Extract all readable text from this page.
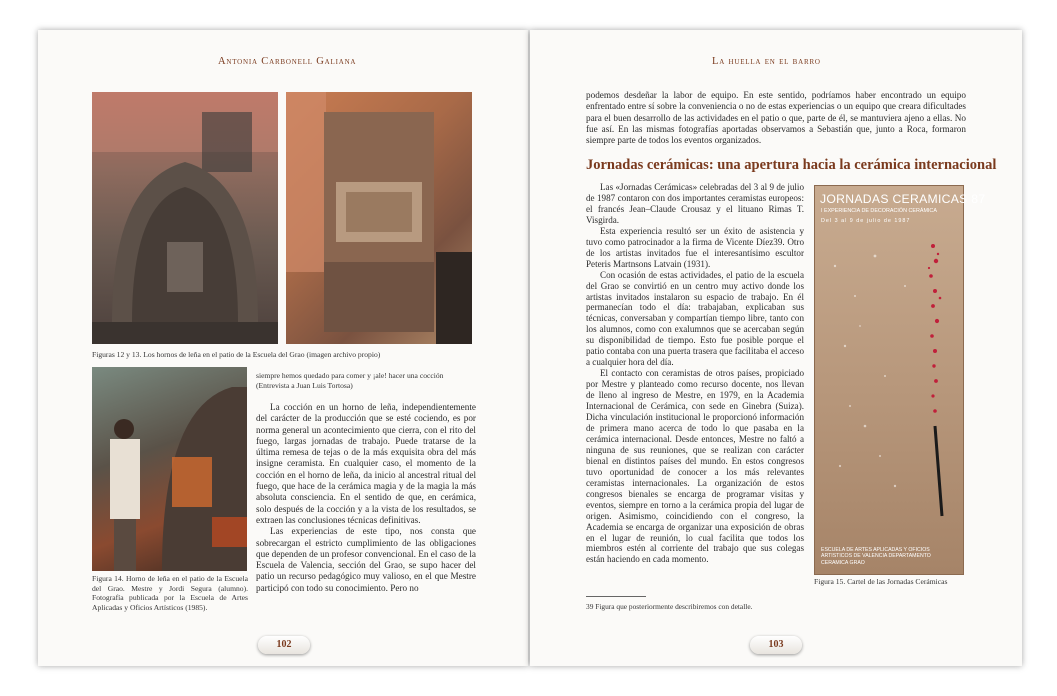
Antonia Carbonell Galiana
Figuras 12 y 13. Los hornos de leña en el patio de la Escuela del Grao (imagen archivo propio)
Figura 14. Horno de leña en el patio de la Escuela del Grao. Mestre y Jordi Segura (alumno). Fotografía publicada por la Escuela de Artes Aplicadas y Oficios Artísticos (1985).
siempre hemos quedado para comer y ¡ale! hacer una cocción (Entrevista a Juan Luis Tortosa)

La cocción en un horno de leña, independientemente del carácter de la producción que se esté cociendo, es por norma general un acontecimiento que cierra, con el rito del fuego, largas jornadas de trabajo. Puede tratarse de la última remesa de tejas o de la más exquisita obra del más insigne ceramista. En cualquier caso, el momento de la cocción en el horno de leña, da inicio al ancestral ritual del fuego, que hace de la cerámica magia y de la magia la más absoluta consciencia. En el sentido de que, en cerámica, solo después de la cocción y a la vista de los resultados, se extraen las conclusiones técnicas definitivas.

Las experiencias de este tipo, nos consta que sobrecargan el estricto cumplimiento de las obligaciones que dependen de un profesor convencional. En el caso de la Escuela de Valencia, sección del Grao, se supo hacer del patio un recurso pedagógico muy valioso, en el que Mestre participó con todo su conocimiento. Pero no

102
La huella en el barro

podemos desdeñar la labor de equipo. En este sentido, podríamos haber encontrado un equipo enfrentado entre sí sobre la conveniencia o no de estas experiencias o un equipo que creara dificultades para el buen desarrollo de las actividades en el patio o que, parte de él, se mantuviera ajeno a ellas. No fue así. En las mismas fotografías aportadas observamos a Sebastián que, junto a Roca, formaron siempre parte de todos los eventos organizados.

Jornadas cerámicas: una apertura hacia la cerámica internacional

Las «Jornadas Cerámicas» celebradas del 3 al 9 de julio de 1987 contaron con dos importantes ceramistas europeos: el francés Jean–Claude Crousaz y el lituano Rimas T. Visgirda.

Esta experiencia resultó ser un éxito de asistencia y tuvo como patrocinador a la firma de Vicente Díez39. Otro de los artistas invitados fue el interesantísimo escultor Peteris Martnsons Latvain (1931).

Con ocasión de estas actividades, el patio de la escuela del Grao se convirtió en un centro muy activo donde los artistas invitados instalaron su espacio de trabajo. En él permanecían todo el día: trabajaban, explicaban sus técnicas, conversaban y compartían tiempo libre, tanto con los alumnos, como con exalumnos que se acercaban según su disponibilidad de tiempo. Esto fue posible porque el patio contaba con una puerta trasera que facilitaba el acceso a cualquier hora del día.

El contacto con ceramistas de otros países, propiciado por Mestre y planteado como recurso docente, nos llevan de lleno al ingreso de Mestre, en 1979, en la Academia Internacional de Cerámica, con sede en Ginebra (Suiza). Dicha vinculación institucional le proporcionó información de primera mano acerca de todo lo que pasaba en la cerámica internacional. Desde entonces, Mestre no faltó a ninguna de sus reuniones, que se realizan con carácter bienal en distintos países del mundo. En estos congresos tuvo oportunidad de conocer a los más relevantes ceramistas internacionales. La organización de estos congresos bienales se encarga de programar visitas y eventos, siempre en torno a la cerámica propia del lugar de origen. Asimismo, coincidiendo con el congreso, la Academia se encarga de organizar una exposición de obras en el lugar de reunión, lo cual facilita que todos los miembros estén al corriente del trabajo que sus colegas están haciendo en cada momento.

JORNADAS CERAMICAS 87
I EXPERIENCIA DE DECORACIÓN CERÁMICA
Del 3 al 9 de julio de 1987
ESCUELA DE ARTES APLICADAS Y OFICIOS ARTISTICOS DE VALENCIA DEPARTAMENTO CERAMICA GRAO
Figura 15. Cartel de las Jornadas Cerámicas
39 Figura que posteriormente describiremos con detalle.
103
